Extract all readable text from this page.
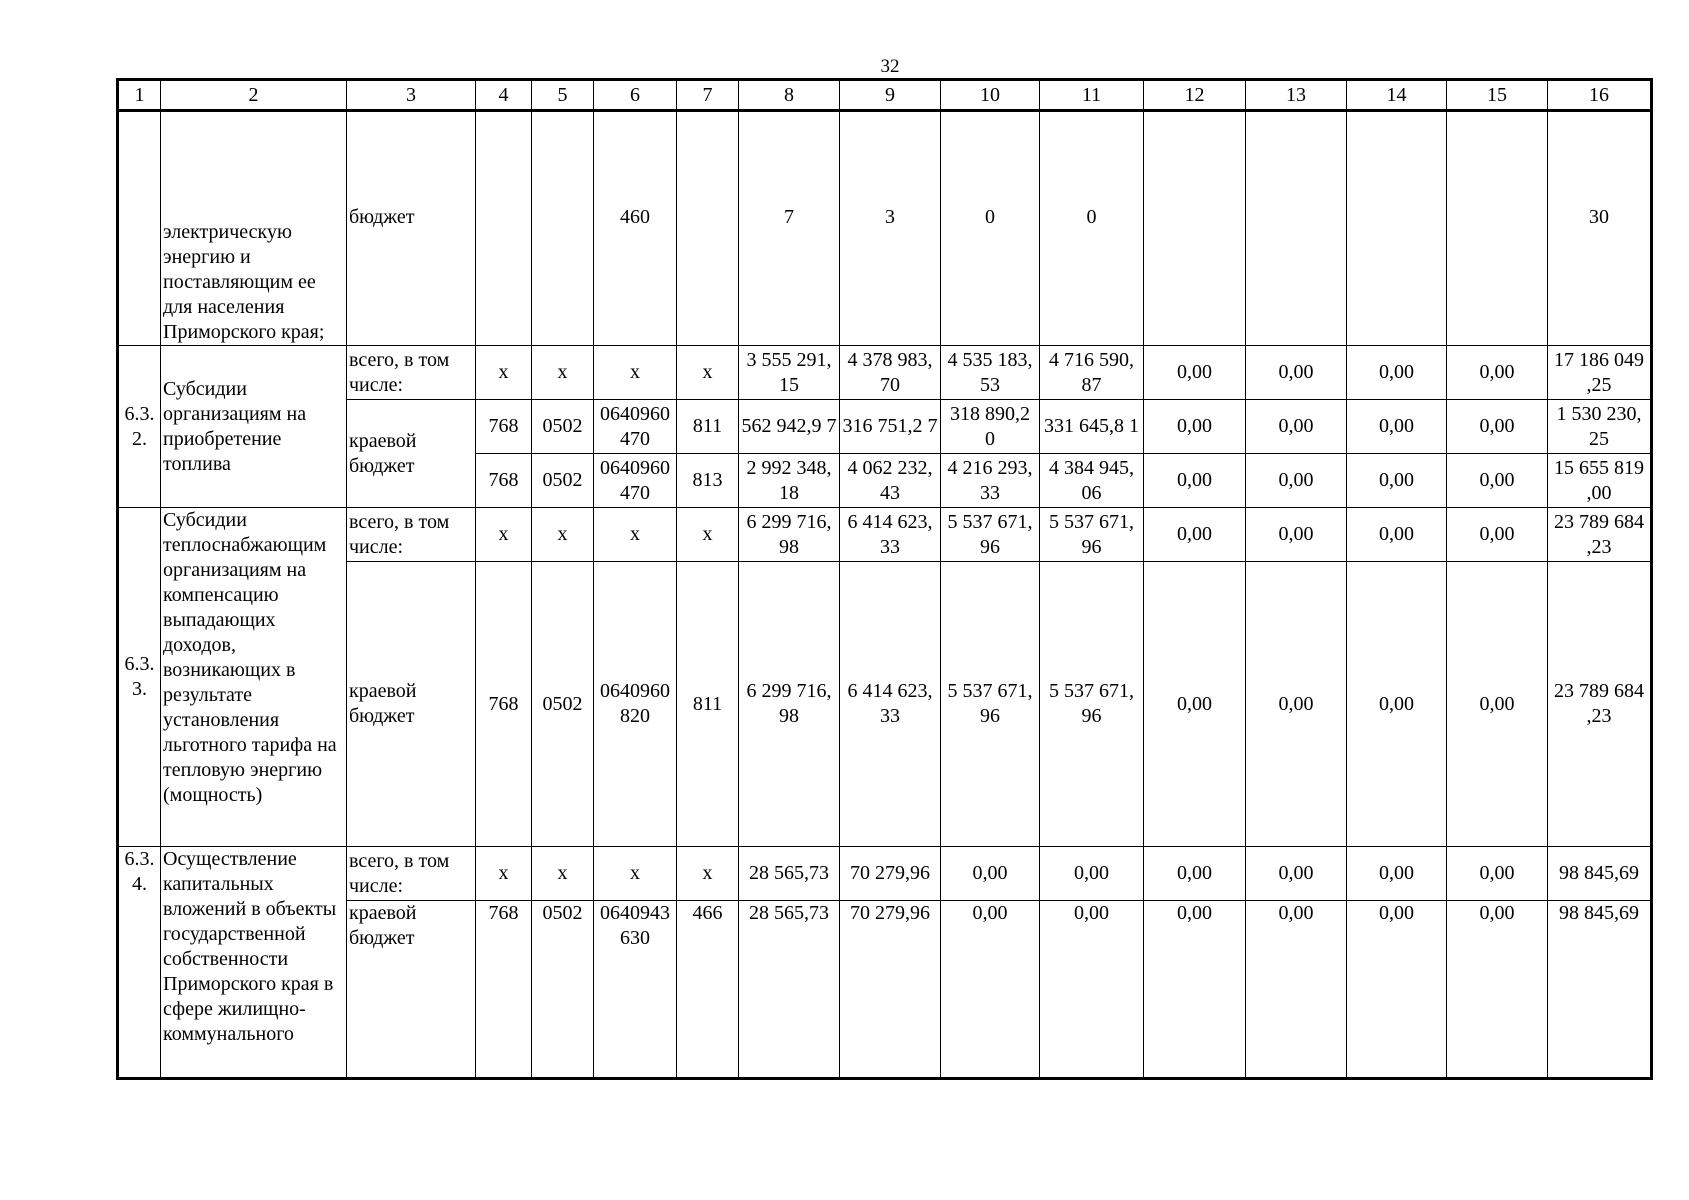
32
1	2	3	4	5	6	7	8	9	10	11	12	13	14	15	16
	электрическую энергию и поставляющим ее для населения Приморского края;	бюджет			460		7	3	0	0					30
6.3. 2.	Субсидии организациям на приобретение топлива	всего, в том числе:	x	x	x	x	3 555 291, 15	4 378 983, 70	4 535 183, 53	4 716 590, 87	0,00	0,00	0,00	0,00	17 186 049 ,25
		краевой бюджет	768	0502	0640960 470	811	562 942,9 7	316 751,2 7	318 890,2 0	331 645,8 1	0,00	0,00	0,00	0,00	1 530 230, 25
			768	0502	0640960 470	813	2 992 348, 18	4 062 232, 43	4 216 293, 33	4 384 945, 06	0,00	0,00	0,00	0,00	15 655 819 ,00
6.3. 3.	Субсидии теплоснабжающим организациям на компенсацию выпадающих доходов, возникающих в результате установления льготного тарифа на тепловую энергию (мощность)	всего, в том числе:	x	x	x	x	6 299 716, 98	6 414 623, 33	5 537 671, 96	5 537 671, 96	0,00	0,00	0,00	0,00	23 789 684 ,23
		краевой бюджет	768	0502	0640960 820	811	6 299 716, 98	6 414 623, 33	5 537 671, 96	5 537 671, 96	0,00	0,00	0,00	0,00	23 789 684 ,23
6.3. 4.	Осуществление капитальных вложений в объекты государственной собственности Приморского края в сфере жилищно-коммунального	всего, в том числе:	x	x	x	x	28 565,73	70 279,96	0,00	0,00	0,00	0,00	0,00	0,00	98 845,69
		краевой бюджет	768	0502	0640943 630	466	28 565,73	70 279,96	0,00	0,00	0,00	0,00	0,00	0,00	98 845,69
